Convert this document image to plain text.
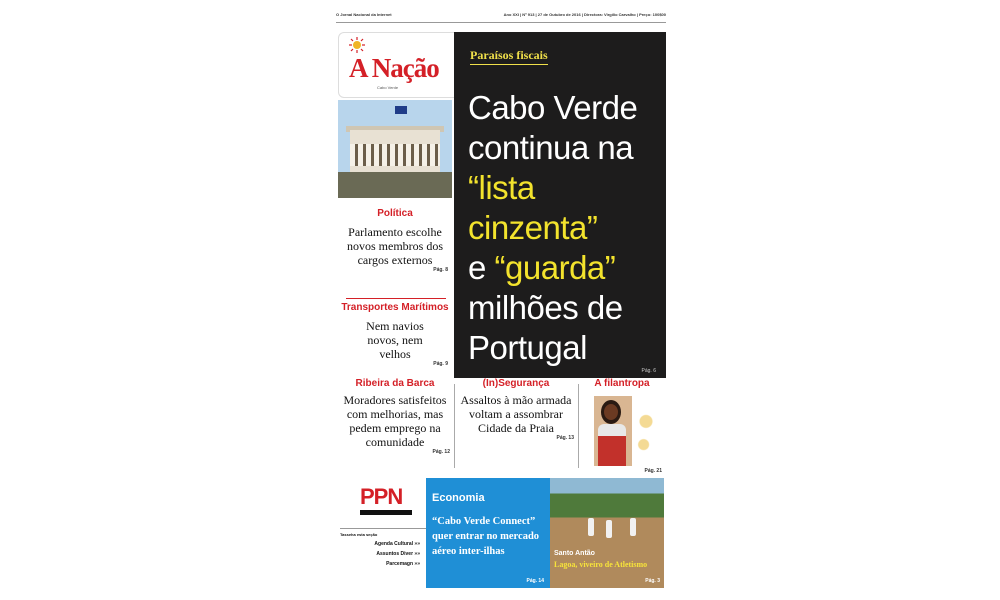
O Jornal Nacional da Internet	Ano XXI | Nº 913 | 27 de Outubro de 2016 | Directora: Virgílio Carvalho | Preço: 100$00
A Nação
Cabo Verde
Paraísos fiscais
Cabo Verde
continua na
“lista cinzenta”
e “guarda”
milhões de
Portugal
Pág. 6
Política
Parlamento escolhe novos membros dos cargos externos
Pág. 8
Transportes Marítimos
Nem navios novos, nem velhos
Pág. 9
Ribeira da Barca
Moradores satisfeitos com melhorias, mas pedem emprego na comunidade
Pág. 12
(In)Segurança
Assaltos à mão armada voltam a assombrar Cidade da Praia
Pág. 13
A filantropa
Pág. 21
PPN
Tasseha esta seção
Agenda Cultural »»
Assuntos Diver »»
Parcemagn »»
Economia
“Cabo Verde Connect” quer entrar no mercado aéreo inter-ilhas
Pág. 14
Santo Antão
Lagoa, viveiro de Atletismo
Pág. 3
